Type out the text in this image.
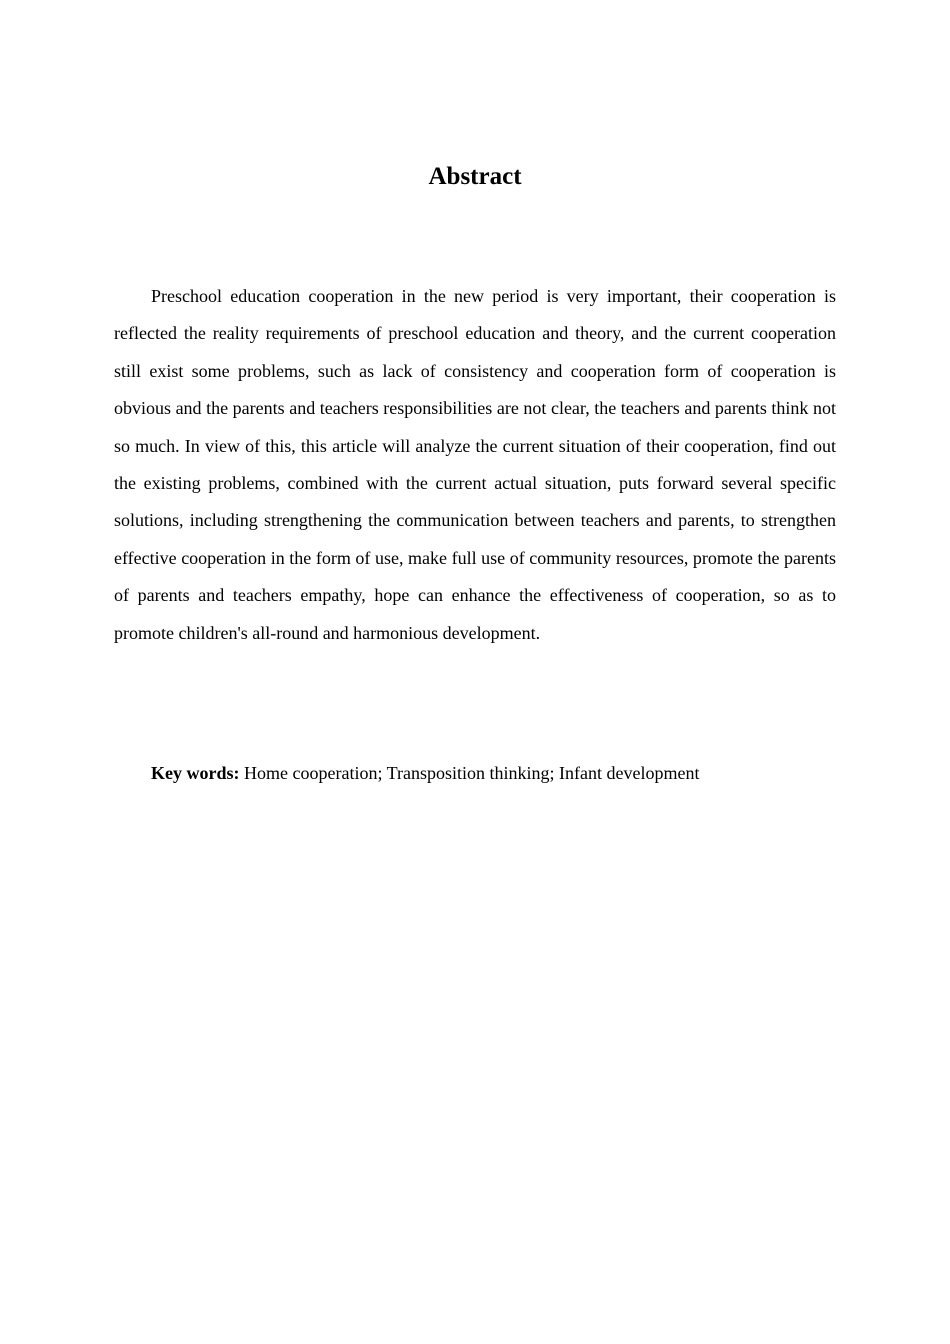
Abstract

Preschool education cooperation in the new period is very important, their cooperation is reflected the reality requirements of preschool education and theory, and the current cooperation still exist some problems, such as lack of consistency and cooperation form of cooperation is obvious and the parents and teachers responsibilities are not clear, the teachers and parents think not so much. In view of this, this article will analyze the current situation of their cooperation, find out the existing problems, combined with the current actual situation, puts forward several specific solutions, including strengthening the communication between teachers and parents, to strengthen effective cooperation in the form of use, make full use of community resources, promote the parents of parents and teachers empathy, hope can enhance the effectiveness of cooperation, so as to promote children's all-round and harmonious development.

Key words: Home cooperation; Transposition thinking; Infant development
